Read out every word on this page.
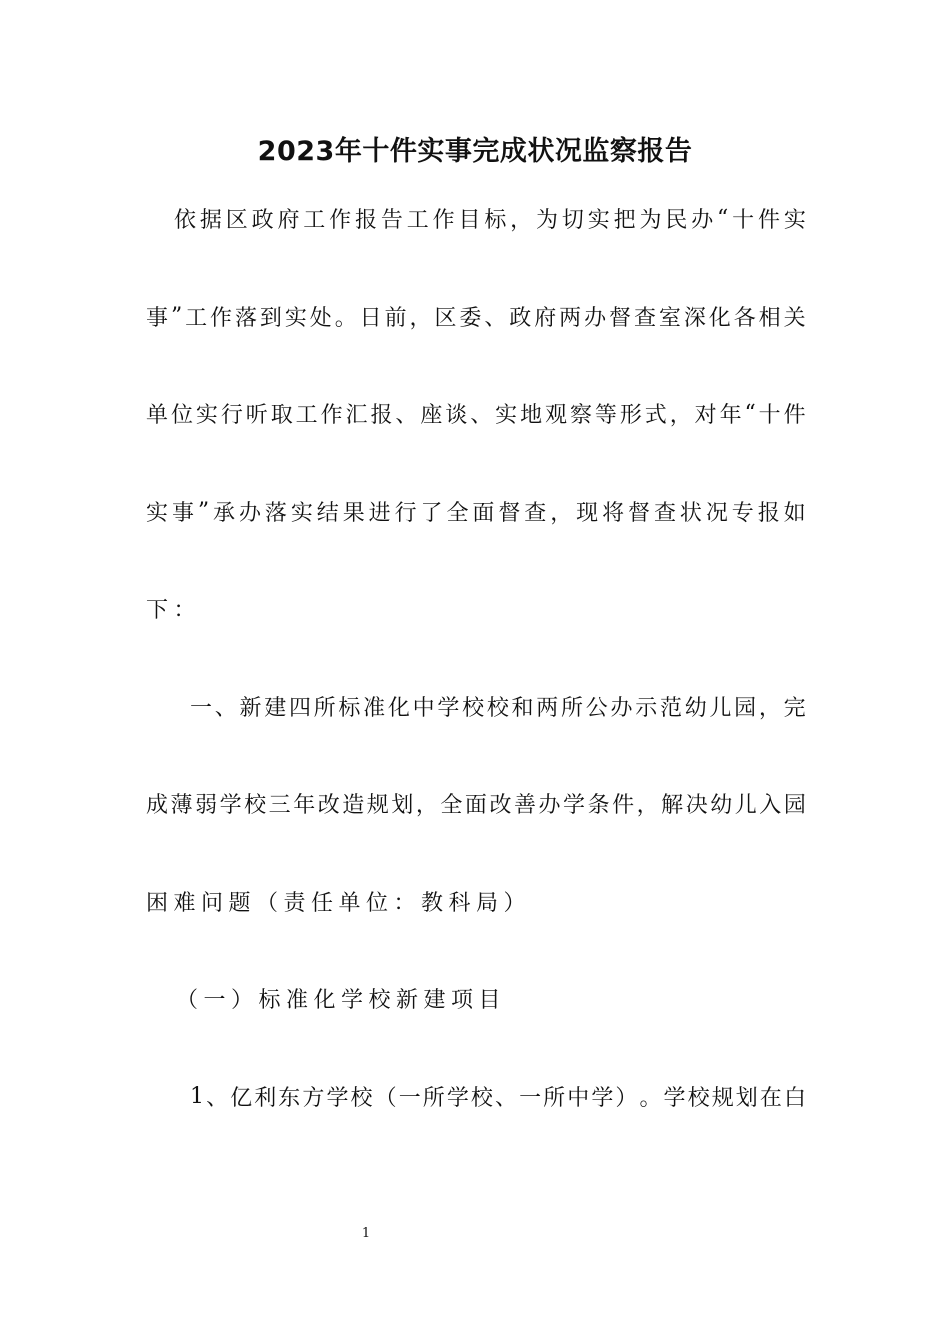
2023年十件实事完成状况监察报告
依 据 区 政 府 工 作 报 告 工 作 目 标 ， 为 切 实 把 为 民 办 “ 十 件 实
事 ” 工 作 落 到 实 处 。 日 前 ， 区 委 、 政 府 两 办 督 查 室 深 化 各 相 关
单 位 实 行 听 取 工 作 汇 报 、 座 谈 、 实 地 观 察 等 形 式 ， 对 年 “ 十 件
实 事 ” 承 办 落 实 结 果 进 行 了 全 面 督 查 ， 现 将 督 查 状 况 专 报 如
下：
一 、 新 建 四 所 标 准 化 中 学 校 校 和 两 所 公 办 示 范 幼 儿 园 ， 完
成 薄 弱 学 校 三 年 改 造 规 划 ， 全 面 改 善 办 学 条 件 ， 解 决 幼 儿 入 园
困难问题（责任单位：教科局）
（一）标准化学校新建项目
1 、 亿 利 东 方 学 校 （ 一 所 学 校 、 一 所 中 学 ） 。 学 校 规 划 在 白
1
